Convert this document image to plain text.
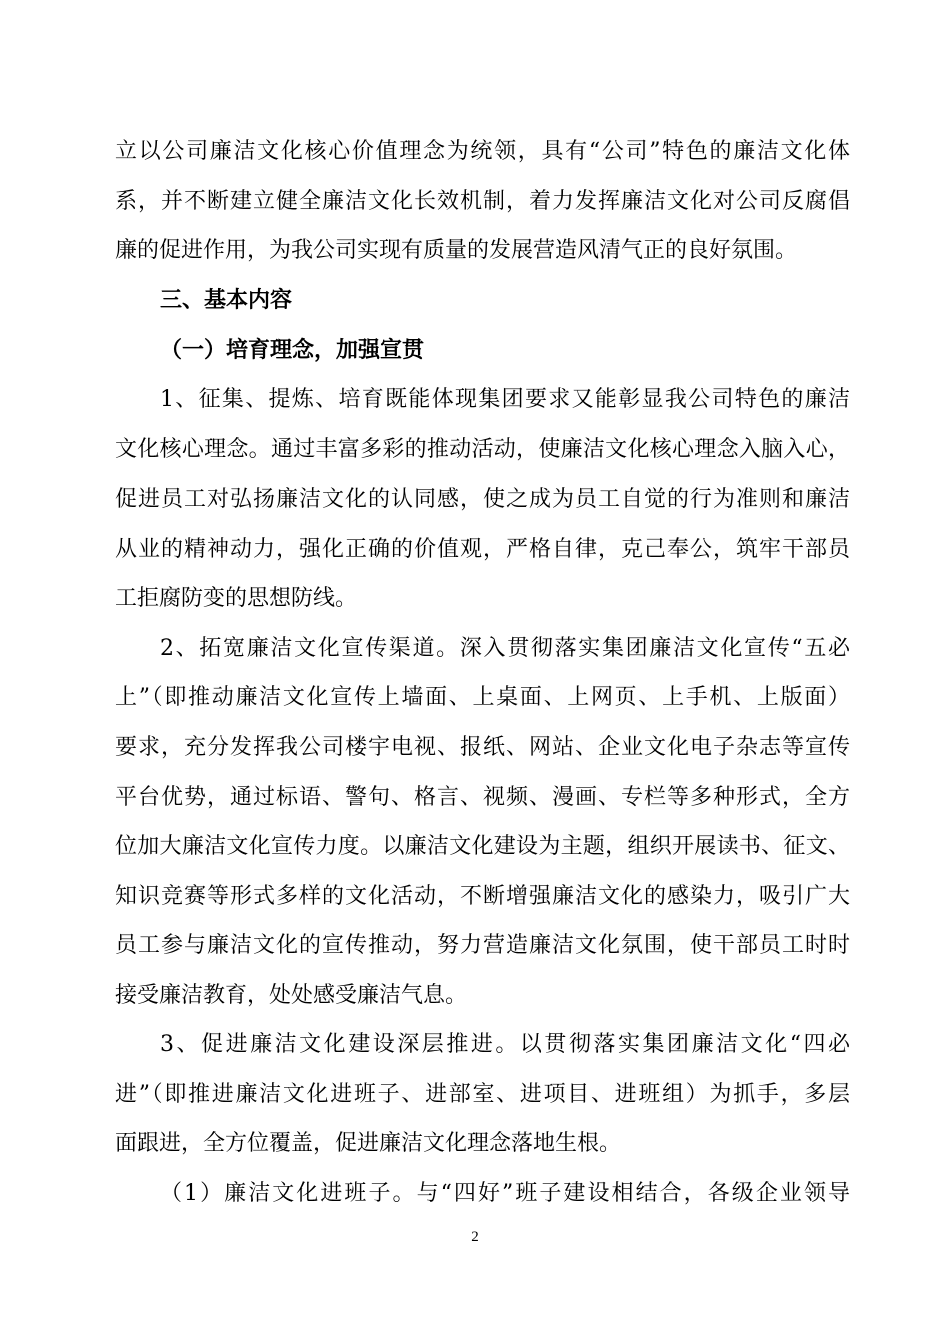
立以公司廉洁文化核心价值理念为统领，具有“公司”特色的廉洁文化体
系，并不断建立健全廉洁文化长效机制，着力发挥廉洁文化对公司反腐倡
廉的促进作用，为我公司实现有质量的发展营造风清气正的良好氛围。
三、基本内容
（一）培育理念，加强宣贯
1、征集、提炼、培育既能体现集团要求又能彰显我公司特色的廉洁
文化核心理念。通过丰富多彩的推动活动，使廉洁文化核心理念入脑入心，
促进员工对弘扬廉洁文化的认同感，使之成为员工自觉的行为准则和廉洁
从业的精神动力，强化正确的价值观，严格自律，克己奉公，筑牢干部员
工拒腐防变的思想防线。
2、拓宽廉洁文化宣传渠道。深入贯彻落实集团廉洁文化宣传“五必
上”（即推动廉洁文化宣传上墙面、上桌面、上网页、上手机、上版面）
要求，充分发挥我公司楼宇电视、报纸、网站、企业文化电子杂志等宣传
平台优势，通过标语、警句、格言、视频、漫画、专栏等多种形式，全方
位加大廉洁文化宣传力度。以廉洁文化建设为主题，组织开展读书、征文、
知识竞赛等形式多样的文化活动，不断增强廉洁文化的感染力，吸引广大
员工参与廉洁文化的宣传推动，努力营造廉洁文化氛围，使干部员工时时
接受廉洁教育，处处感受廉洁气息。
3、促进廉洁文化建设深层推进。以贯彻落实集团廉洁文化“四必
进”（即推进廉洁文化进班子、进部室、进项目、进班组）为抓手，多层
面跟进，全方位覆盖，促进廉洁文化理念落地生根。
（1）廉洁文化进班子。与“四好”班子建设相结合，各级企业领导
2
